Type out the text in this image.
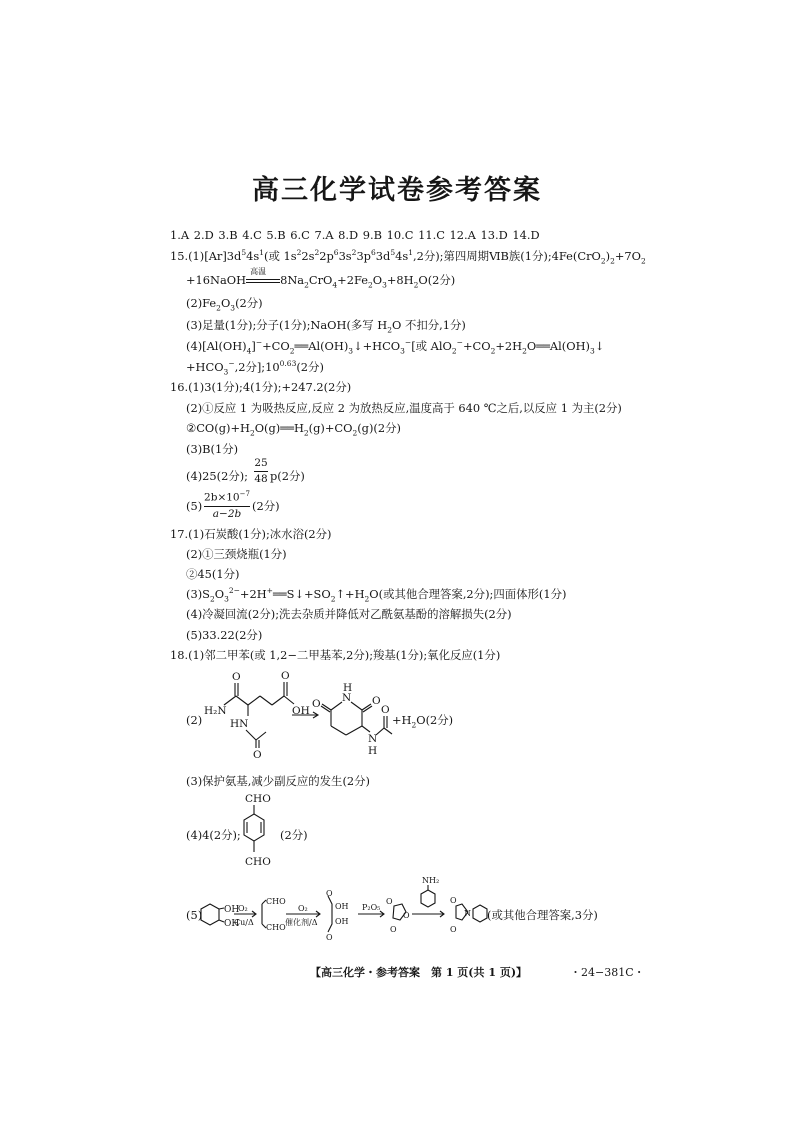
高三化学试卷参考答案
1.A 2.D 3.B 4.C 5.B 6.C 7.A 8.D 9.B 10.C 11.C 12.A 13.D 14.D
$15.(1)[Ar]3d^54s^1$(或 $1s^22s^22p^63s^23p^63d^54s^1,2$分);第四周期ⅥB族(1分)$;4Fe(CrO_2)_2+7O_2$
+16NaOH
高温
$8Na_2CrO_4+2Fe_2O_3+8H_2O(2$分)
$(2)Fe_2O_3(2$分)
(3)足量(1分);分子(1分);NaOH(多写 $H_2O$ 不扣分,1分)
$(4)[Al(OH)_4]^-+CO_2══Al(OH)_3↓+HCO_3^-$[或 $AlO_2^-+CO_2+2H_2O══Al(OH)_3↓$
$+HCO_3^-,2$分]$;10^{0.63}(2$分)
16.(1)3(1分);4(1分);+247.2(2分)
(2)①反应 1 为吸热反应,反应 2 为放热反应,温度高于 640 ℃之后,以反应 1 为主(2分)
$②CO(g)+H_2O(g)══H_2(g)+CO_2(g)(2$分)
(3)B(1分)
(4)25(2分);
25
48 p(2分)
(5)
$2b\times 10^{-7}$
a−2b
(2分)
17.(1)石炭酸(1分);冰水浴(2分)
(2)①三颈烧瓶(1分)
②45(1分)
$(3)S_2O_3^{2-}+2H^+══S↓+SO_2↑+H_2O$(或其他合理答案,2分);四面体形(1分)
(4)冷凝回流(2分);洗去杂质并降低对乙酰氨基酚的溶解损失(2分)
(5)33.22(2分)
18.(1)邻二甲苯(或 1,2−二甲基苯,2分);羧基(1分);氧化反应(1分)
(2)
O
H₂N
O
OH
HN
O
H
N
O	O
N
H
O
$+H_2O(2$分)
(3)保护氨基,减少副反应的发生(2分)
(4)4(2分);
CHO
CHO
(2分)
(5) OH
OH
O₂
Cu/Δ
CHO
CHO
O₂
催化剂/Δ
O
OH
OH
O
P₂O₅
O
O
O
NH₂
O
N
O
(或其他合理答案,3分)
【高三化学・参考答案　第 1 页(共 1 页)】	・24−381C・
